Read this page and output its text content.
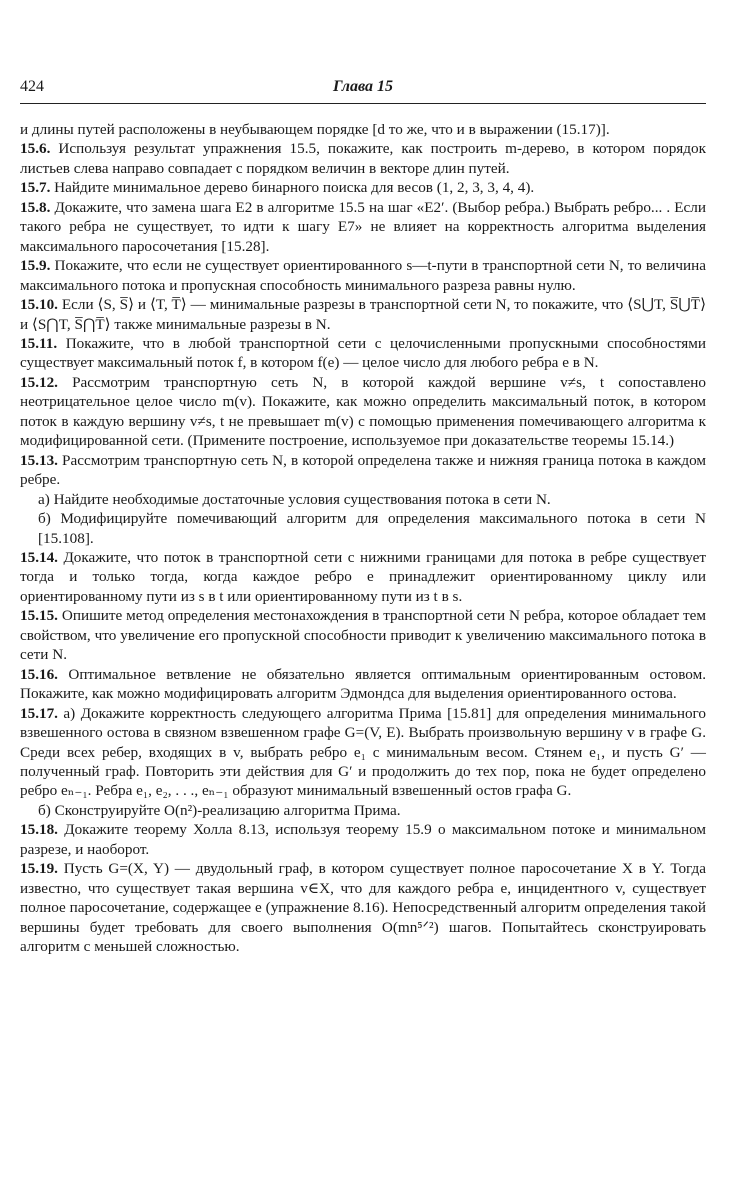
424	Глава 15

и длины путей расположены в неубывающем порядке [d то же, что и в выражении (15.17)].

15.6. Используя результат упражнения 15.5, покажите, как построить m-дерево, в котором порядок листьев слева направо совпадает с порядком величин в векторе длин путей.

15.7. Найдите минимальное дерево бинарного поиска для весов (1, 2, 3, 3, 4, 4).

15.8. Докажите, что замена шага E2 в алгоритме 15.5 на шаг «E2′. (Выбор ребра.) Выбрать ребро... . Если такого ребра не существует, то идти к шагу E7» не влияет на корректность алгоритма выделения максимального паросочетания [15.28].

15.9. Покажите, что если не существует ориентированного s—t-пути в транспортной сети N, то величина максимального потока и пропускная способность минимального разреза равны нулю.

15.10. Если ⟨S, S̅⟩ и ⟨T, T̅⟩ — минимальные разрезы в транспортной сети N, то покажите, что ⟨S⋃T, S̅⋃T̅⟩ и ⟨S⋂T, S̅⋂T̅⟩ также минимальные разрезы в N.

15.11. Покажите, что в любой транспортной сети с целочисленными пропускными способностями существует максимальный поток f, в котором f(e) — целое число для любого ребра e в N.

15.12. Рассмотрим транспортную сеть N, в которой каждой вершине v≠s, t сопоставлено неотрицательное целое число m(v). Покажите, как можно определить максимальный поток, в котором поток в каждую вершину v≠s, t не превышает m(v) с помощью применения помечивающего алгоритма к модифицированной сети. (Примените построение, используемое при доказательстве теоремы 15.14.)

15.13. Рассмотрим транспортную сеть N, в которой определена также и нижняя граница потока в каждом ребре.

а) Найдите необходимые достаточные условия существования потока в сети N.

б) Модифицируйте помечивающий алгоритм для определения максимального потока в сети N [15.108].

15.14. Докажите, что поток в транспортной сети с нижними границами для потока в ребре существует тогда и только тогда, когда каждое ребро e принадлежит ориентированному циклу или ориентированному пути из s в t или ориентированному пути из t в s.

15.15. Опишите метод определения местонахождения в транспортной сети N ребра, которое обладает тем свойством, что увеличение его пропускной способности приводит к увеличению максимального потока в сети N.

15.16. Оптимальное ветвление не обязательно является оптимальным ориентированным остовом. Покажите, как можно модифицировать алгоритм Эдмондса для выделения ориентированного остова.

15.17. а) Докажите корректность следующего алгоритма Прима [15.81] для определения минимального взвешенного остова в связном взвешенном графе G=(V, E). Выбрать произвольную вершину v в графе G. Среди всех ребер, входящих в v, выбрать ребро e₁ с минимальным весом. Стянем e₁, и пусть G′ — полученный граф. Повторить эти действия для G′ и продолжить до тех пор, пока не будет определено ребро eₙ₋₁. Ребра e₁, e₂, . . ., eₙ₋₁ образуют минимальный взвешенный остов графа G.

б) Сконструируйте O(n²)-реализацию алгоритма Прима.

15.18. Докажите теорему Холла 8.13, используя теорему 15.9 о максимальном потоке и минимальном разрезе, и наоборот.

15.19. Пусть G=(X, Y) — двудольный граф, в котором существует полное паросочетание X в Y. Тогда известно, что существует такая вершина v∈X, что для каждого ребра e, инцидентного v, существует полное паросочетание, содержащее e (упражнение 8.16). Непосредственный алгоритм определения такой вершины будет требовать для своего выполнения O(mn⁵ᐟ²) шагов. Попытайтесь сконструировать алгоритм с меньшей сложностью.
